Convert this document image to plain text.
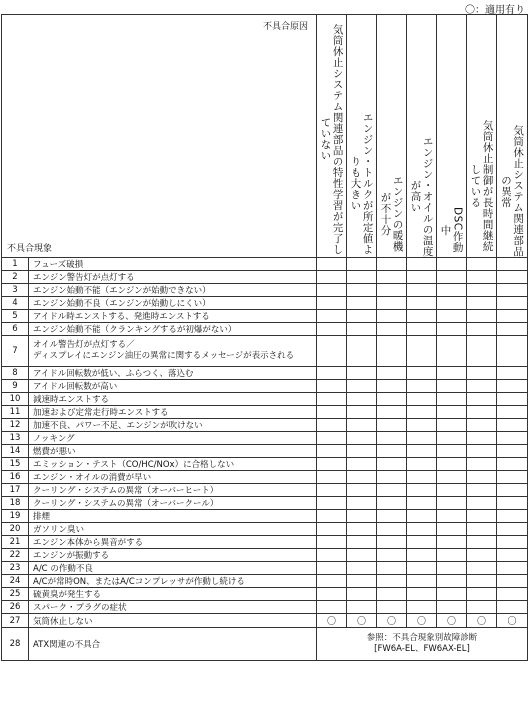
〇：適用有り
不具合原因
不具合現象		気筒休止システム関連部品の特性学習が完了していない	エンジン・トルクが所定値よりも大きい	エンジンの暖機が不十分	エンジン・オイルの温度が高い	DSC作動中	気筒休止制御が長時間継続している	気筒休止システム関連部品の異常

1	フューズ破損							
2	エンジン警告灯が点灯する							
3	エンジン始動不能（エンジンが始動できない）							
4	エンジン始動不良（エンジンが始動しにくい）							
5	アイドル時エンストする、発進時エンストする							
6	エンジン始動不能（クランキングするが初爆がない）							
7	オイル警告灯が点灯する／
ディスプレイにエンジン油圧の異常に関するメッセージが表示される							
8	アイドル回転数が低い、ふらつく、落込む							
9	アイドル回転数が高い							
10	減速時エンストする							
11	加速および定常走行時エンストする							
12	加速不良、パワー不足、エンジンが吹けない							
13	ノッキング							
14	燃費が悪い							
15	エミッション・テスト（CO/HC/NOx）に合格しない							
16	エンジン・オイルの消費が早い							
17	クーリング・システムの異常（オーバーヒート）							
18	クーリング・システムの異常（オーバークール）							
19	排煙							
20	ガソリン臭い							
21	エンジン本体から異音がする							
22	エンジンが振動する							
23	A/C の作動不良							
24	A/Cが常時ON、またはA/Cコンプレッサが作動し続ける							
25	硫黄臭が発生する							
26	スパーク・プラグの症状							
27	気筒休止しない	〇	〇	〇	〇	〇	〇	〇
28	ATX関連の不具合	参照：不具合現象別故障診断
[FW6A-EL、FW6AX-EL]						
